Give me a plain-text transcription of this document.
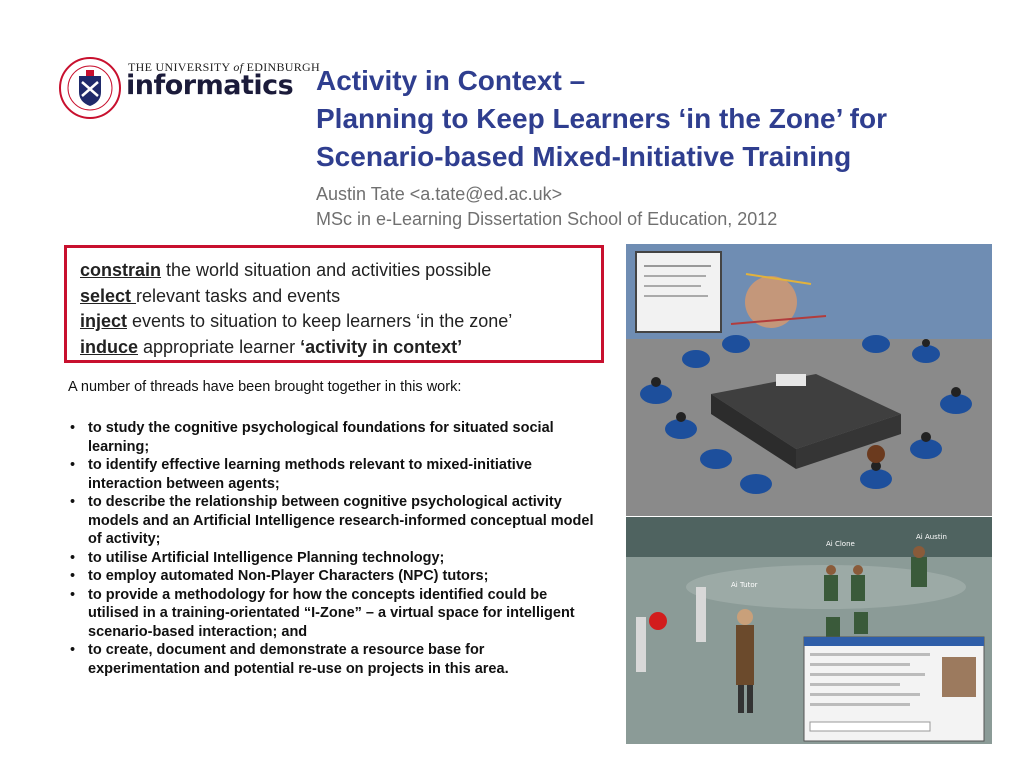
THE UNIVERSITY of EDINBURGH
informatics Activity in Context –
Planning to Keep Learners ‘in the Zone’ for
Scenario-based Mixed-Initiative Training
Austin Tate <a.tate@ed.ac.uk>
MSc in e-Learning Dissertation School of Education, 2012
constrain the world situation and activities possible
select relevant tasks and events
inject events to situation to keep learners ‘in the zone’
induce appropriate learner ‘activity in context’
A number of threads have been brought together in this work:
• to study the cognitive psychological foundations for situated social learning;
• to identify effective learning methods relevant to mixed-initiative interaction between agents;
• to describe the relationship between cognitive psychological activity models and an Artificial Intelligence research-informed conceptual model of activity;
• to utilise Artificial Intelligence Planning technology;
• to employ automated Non-Player Characters (NPC) tutors;
• to provide a methodology for how the concepts identified could be utilised in a training-orientated “I-Zone” – a virtual space for intelligent scenario-based interaction; and
• to create, document and demonstrate a resource base for experimentation and potential re-use on projects in this area.
Ai Clone
Ai Austin
Ai Tutor
